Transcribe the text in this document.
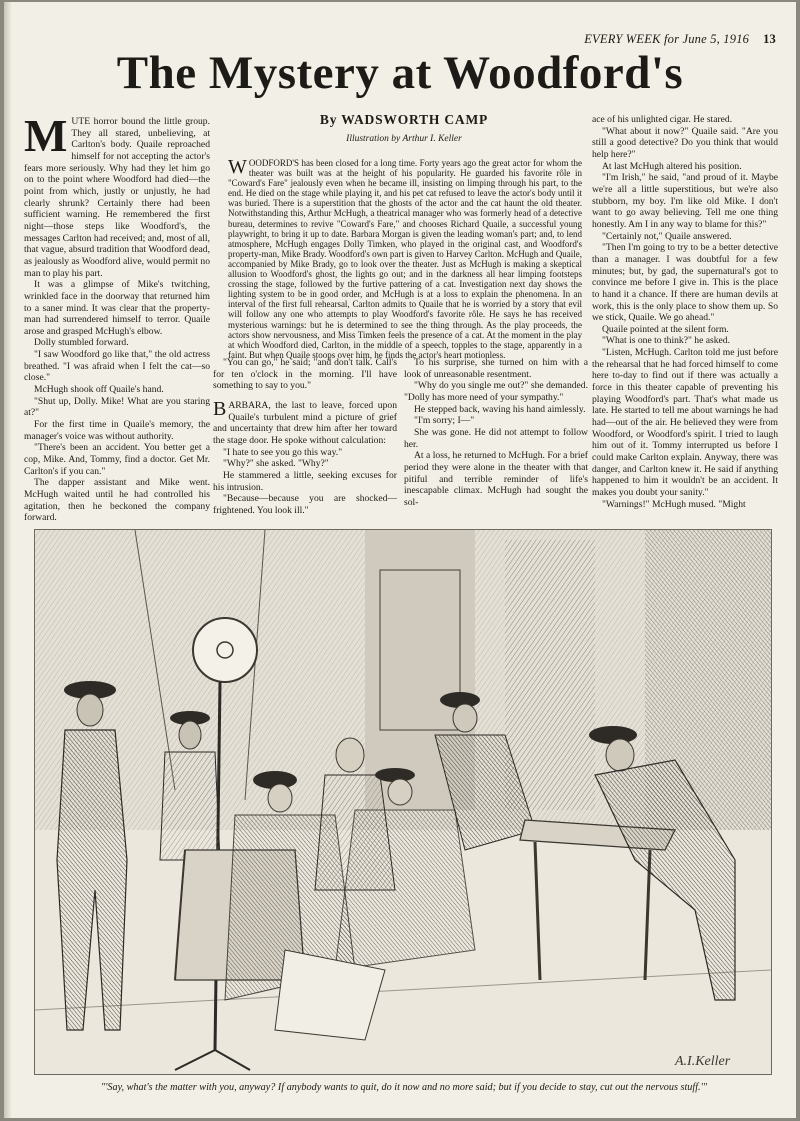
EVERY WEEK for June 5, 1916 13
The Mystery at Woodford's
By WADSWORTH CAMP
Illustration by Arthur I. Keller

WOODFORD'S has been closed for a long time. Forty years ago the great actor for whom the theater was built was at the height of his popularity. He guarded his favorite rôle in "Coward's Fare" jealously even when he became ill, insisting on limping through his part, to the end. He died on the stage while playing it, and his pet cat refused to leave the actor's body until it was buried. There is a superstition that the ghosts of the actor and the cat haunt the old theater. Notwithstanding this, Arthur McHugh, a theatrical manager who was formerly head of a detective bureau, determines to revive "Coward's Fare," and chooses Richard Quaile, a successful young playwright, to bring it up to date. Barbara Morgan is given the leading woman's part; and, to lend atmosphere, McHugh engages Dolly Timken, who played in the original cast, and Woodford's property-man, Mike Brady. Woodford's own part is given to Harvey Carlton. McHugh and Quaile, accompanied by Mike Brady, go to look over the theater. Just as McHugh is making a skeptical allusion to Woodford's ghost, the lights go out; and in the darkness all hear limping footsteps crossing the stage, followed by the furtive pattering of a cat. Investigation next day shows the lighting system to be in good order, and McHugh is at a loss to explain the phenomena. In an interval of the first full rehearsal, Carlton admits to Quaile that he is worried by a story that evil will follow any one who attempts to play Woodford's favorite rôle. He says he has received mysterious warnings: but he is determined to see the thing through. As the play proceeds, the actors show nervousness, and Miss Timken feels the presence of a cat. At the moment in the play at which Woodford died, Carlton, in the middle of a speech, topples to the stage, apparently in a faint. But when Quaile stoops over him, he finds the actor's heart motionless.

MUTE horror bound the little group. They all stared, unbelieving, at Carlton's body. Quaile reproached himself for not accepting the actor's fears more seriously. Why had they let him go on to the point where Woodford had died—the point from which, justly or unjustly, he had clearly shrunk? Certainly there had been sufficient warning. He remembered the first night—those steps like Woodford's, the messages Carlton had received; and, most of all, that vague, absurd tradition that Woodford dead, as jealously as Woodford alive, would permit no man to play his part.

It was a glimpse of Mike's twitching, wrinkled face in the doorway that returned him to a saner mind. It was clear that the property-man had surrendered himself to terror. Quaile arose and grasped McHugh's elbow.

Dolly stumbled forward.

"I saw Woodford go like that," the old actress breathed. "I was afraid when I felt the cat—so close."

McHugh shook off Quaile's hand.

"Shut up, Dolly. Mike! What are you staring at?"

For the first time in Quaile's memory, the manager's voice was without authority.

"There's been an accident. You better get a cop, Mike. And, Tommy, find a doctor. Get Mr. Carlton's if you can."

The dapper assistant and Mike went. McHugh waited until he had controlled his agitation, then he beckoned the company forward.

"You can go," he said; "and don't talk. Call's for ten o'clock in the morning. I'll have something to say to you."

BARBARA, the last to leave, forced upon Quaile's turbulent mind a picture of grief and uncertainty that drew him after her toward the stage door. He spoke without calculation:

"I hate to see you go this way."

"Why?" she asked. "Why?"

He stammered a little, seeking excuses for his intrusion.

"Because—because you are shocked—frightened. You look ill."

To his surprise, she turned on him with a look of unreasonable resentment.

"Why do you single me out?" she demanded. "Dolly has more need of your sympathy."

He stepped back, waving his hand aimlessly.

"I'm sorry; I—"

She was gone. He did not attempt to follow her.

At a loss, he returned to McHugh. For a brief period they were alone in the theater with that pitiful and terrible reminder of life's inescapable climax. McHugh had sought the sol-

ace of his unlighted cigar. He stared.

"What about it now?" Quaile said. "Are you still a good detective? Do you think that would help here?"

At last McHugh altered his position.

"I'm Irish," he said, "and proud of it. Maybe we're all a little superstitious, but we're also stubborn, my boy. I'm like old Mike. I don't want to go away believing. Tell me one thing honestly. Am I in any way to blame for this?"

"Certainly not," Quaile answered.

"Then I'm going to try to be a better detective than a manager. I was doubtful for a few minutes; but, by gad, the supernatural's got to convince me before I give in. This is the place to hand it a chance. If there are human devils at work, this is the only place to show them up. So we stick, Quaile. We go ahead."

Quaile pointed at the silent form.

"What is one to think?" he asked.

"Listen, McHugh. Carlton told me just before the rehearsal that he had forced himself to come here to-day to find out if there was actually a force in this theater capable of preventing his playing Woodford's part. That's what made us late. He started to tell me about warnings he had had—out of the air. He believed they were from Woodford, or Woodford's spirit. I tried to laugh him out of it. Tommy interrupted us before I could make Carlton explain. Anyway, there was danger, and Carlton knew it. He said if anything happened to him it wouldn't be an accident. It makes you doubt your sanity."

"Warnings!" McHugh mused. "Might

A.I.Keller
"'Say, what's the matter with you, anyway? If anybody wants to quit, do it now and no more said; but if you decide to stay, cut out the nervous stuff.'"
